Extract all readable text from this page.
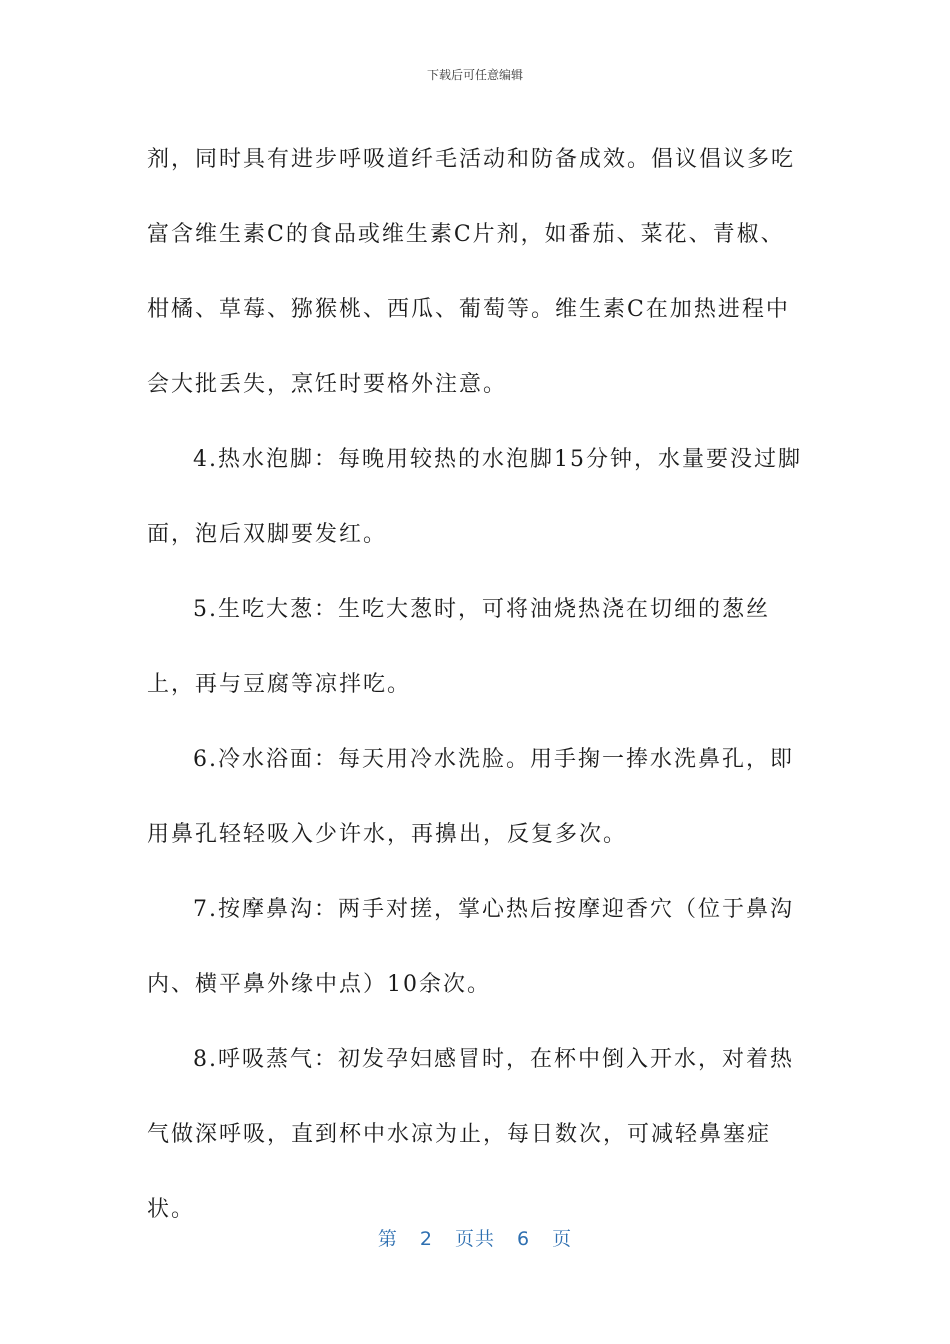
下载后可任意编辑

剂，同时具有进步呼吸道纤毛活动和防备成效。倡议倡议多吃富含维生素C的食品或维生素C片剂，如番茄、菜花、青椒、柑橘、草莓、猕猴桃、西瓜、葡萄等。维生素C在加热进程中会大批丢失，烹饪时要格外注意。

4.热水泡脚：每晚用较热的水泡脚15分钟，水量要没过脚面，泡后双脚要发红。

5.生吃大葱：生吃大葱时，可将油烧热浇在切细的葱丝上，再与豆腐等凉拌吃。

6.冷水浴面：每天用冷水洗脸。用手掬一捧水洗鼻孔，即用鼻孔轻轻吸入少许水，再擤出，反复多次。

7.按摩鼻沟：两手对搓，掌心热后按摩迎香穴（位于鼻沟内、横平鼻外缘中点）10余次。

8.呼吸蒸气：初发孕妇感冒时，在杯中倒入开水，对着热气做深呼吸，直到杯中水凉为止，每日数次，可减轻鼻塞症状。

第 2 页共 6 页
